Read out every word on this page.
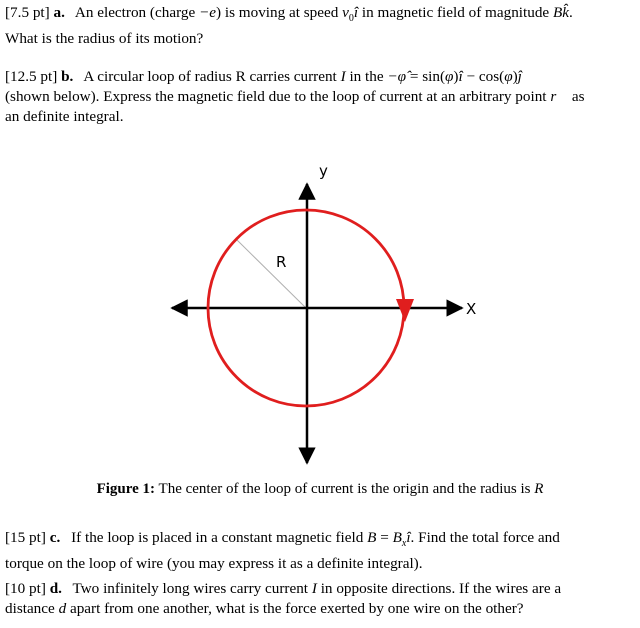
[7.5 pt] a. An electron (charge −e) is moving at speed $v_0î$ in magnetic field of magnitude Bk̂.
What is the radius of its motion?
[12.5 pt] b. A circular loop of radius R carries current I in the −φ̂ = sin(φ)î − cos(φ)ĵ
(shown below). Express the magnetic field due to the loop of current at an arbitrary point r⃗ as
an definite integral.
y
X
R
Figure 1: The center of the loop of current is the origin and the radius is R
[15 pt] c. If the loop is placed in a constant magnetic field $B = B_xî$. Find the total force and
torque on the loop of wire (you may express it as a definite integral).
[10 pt] d. Two infinitely long wires carry current I in opposite directions. If the wires are a
distance d apart from one another, what is the force exerted by one wire on the other?
